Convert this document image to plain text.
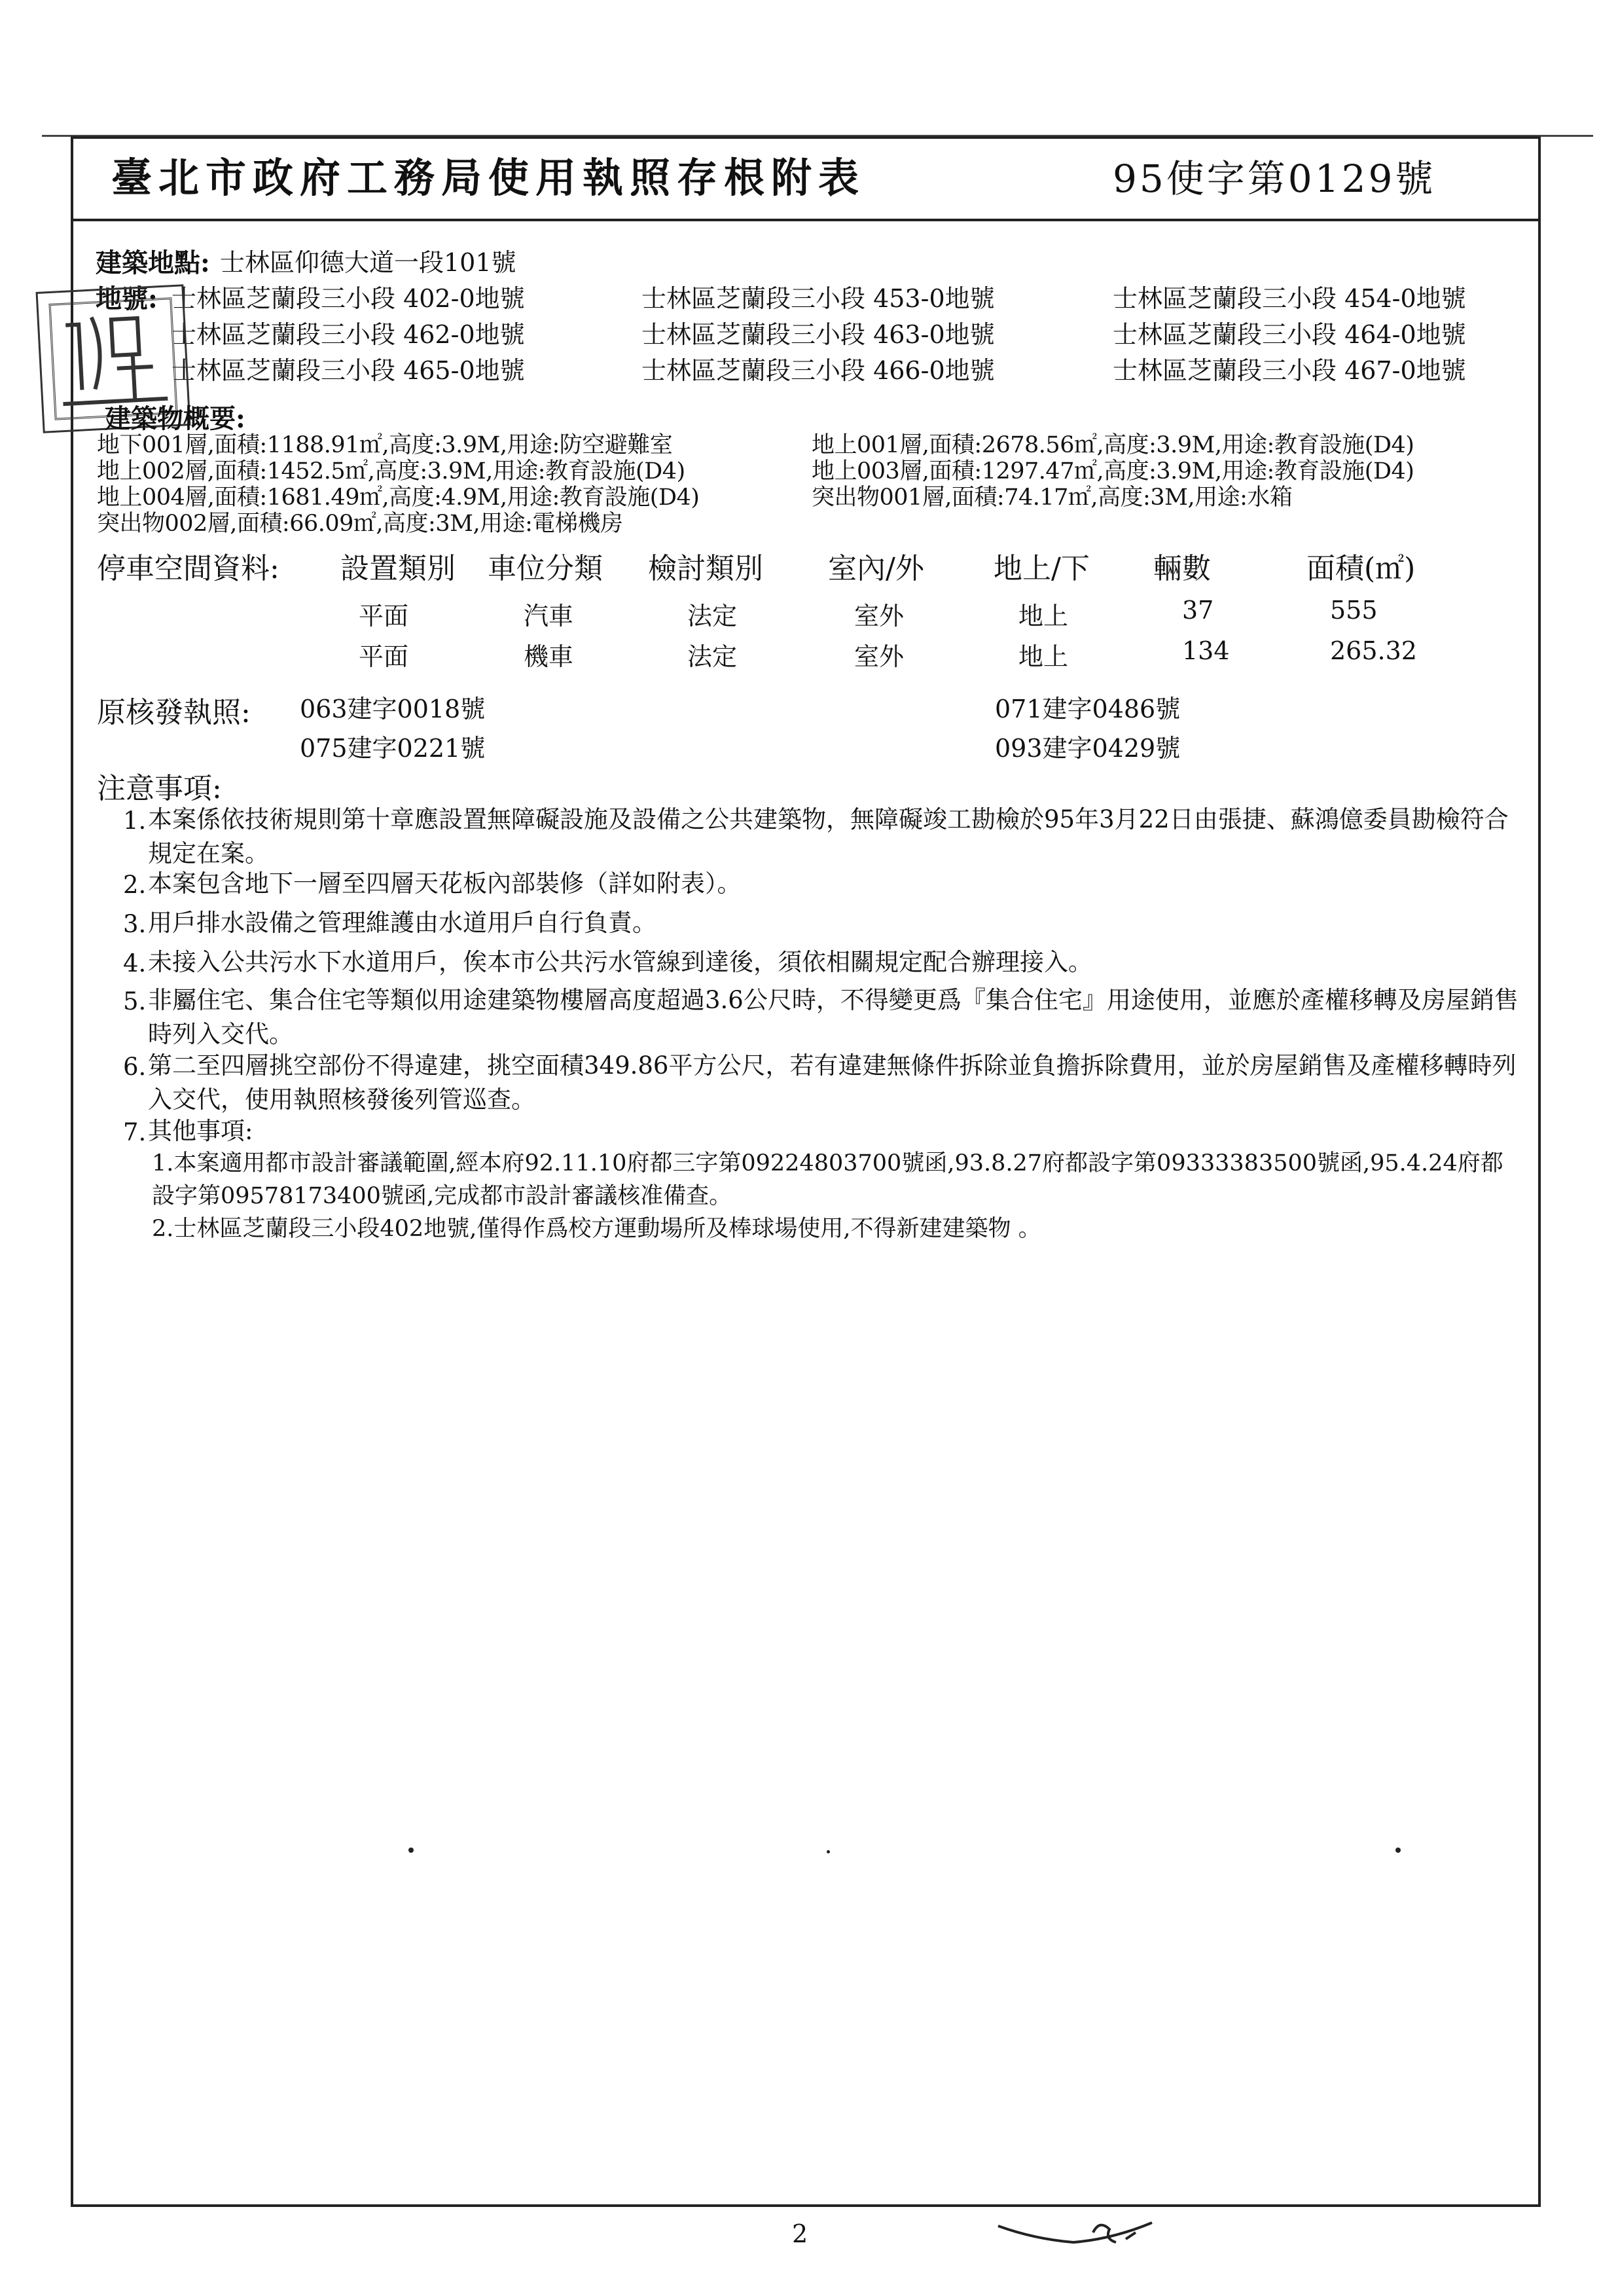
臺北市政府工務局使用執照存根附表	95使字第0129號
建築地點: 士林區仰德大道一段101號
地號: 士林區芝蘭段三小段 402-0地號	士林區芝蘭段三小段 453-0地號	士林區芝蘭段三小段 454-0地號
士林區芝蘭段三小段 462-0地號	士林區芝蘭段三小段 463-0地號	士林區芝蘭段三小段 464-0地號
士林區芝蘭段三小段 465-0地號	士林區芝蘭段三小段 466-0地號	士林區芝蘭段三小段 467-0地號
建築物概要:
地下001層,面積:1188.91㎡,高度:3.9M,用途:防空避難室	地上001層,面積:2678.56㎡,高度:3.9M,用途:教育設施(D4)
地上002層,面積:1452.5㎡,高度:3.9M,用途:教育設施(D4)	地上003層,面積:1297.47㎡,高度:3.9M,用途:教育設施(D4)
地上004層,面積:1681.49㎡,高度:4.9M,用途:教育設施(D4)	突出物001層,面積:74.17㎡,高度:3M,用途:水箱
突出物002層,面積:66.09㎡,高度:3M,用途:電梯機房
停車空間資料: 設置類別 車位分類 檢討類別 室內/外 地上/下 輛數	面積(㎡)
平面	汽車	法定	室外	地上	37	555
平面	機車	法定	室外	地上	134	265.32
原核發執照: 063建字0018號	071建字0486號
075建字0221號	093建字0429號
注意事項:
1. 本案係依技術規則第十章應設置無障礙設施及設備之公共建築物，無障礙竣工勘檢於95年3月22日由張捷、蘇鴻億委員勘檢符合規定在案。
2. 本案包含地下一層至四層天花板內部裝修（詳如附表）。
3. 用戶排水設備之管理維護由水道用戶自行負責。
4. 未接入公共污水下水道用戶，俟本市公共污水管線到達後，須依相關規定配合辦理接入。
5. 非屬住宅、集合住宅等類似用途建築物樓層高度超過3.6公尺時，不得變更爲『集合住宅』用途使用，並應於產權移轉及房屋銷售時列入交代。
6. 第二至四層挑空部份不得違建，挑空面積349.86平方公尺，若有違建無條件拆除並負擔拆除費用，並於房屋銷售及產權移轉時列入交代，使用執照核發後列管巡查。
7. 其他事項:
1.本案適用都市設計審議範圍,經本府92.11.10府都三字第09224803700號函,93.8.27府都設字第09333383500號函,95.4.24府都設字第09578173400號函,完成都市設計審議核准備查。
2.士林區芝蘭段三小段402地號,僅得作爲校方運動場所及棒球場使用,不得新建建築物 。
2
